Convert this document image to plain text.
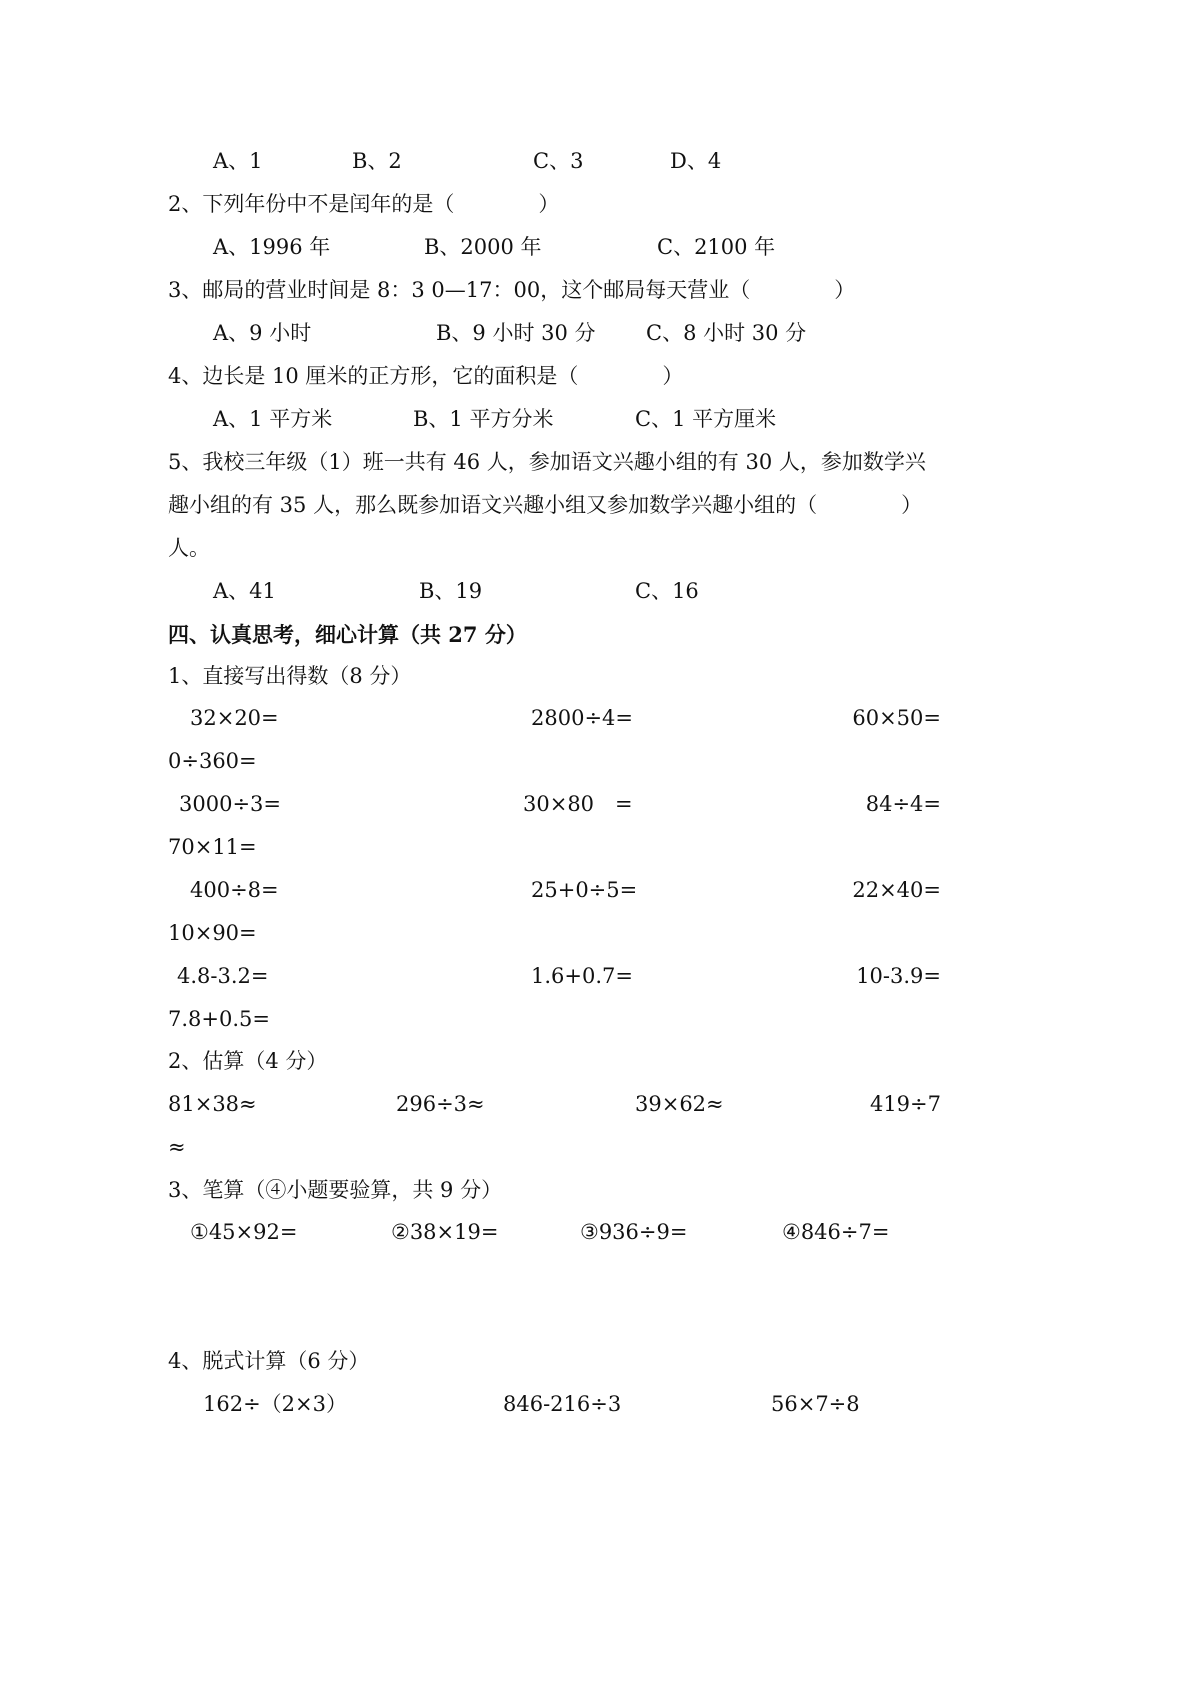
A、1	B、2	C、3	D、4
2、下列年份中不是闰年的是（　　　　）
A、1996 年	B、2000 年	C、2100 年
3、邮局的营业时间是 8：3 0—17：00，这个邮局每天营业（　　　　）
A、9 小时	B、9 小时 30 分 C、8 小时 30 分
4、边长是 10 厘米的正方形，它的面积是（　　　　）
A、1 平方米	B、1 平方分米	C、1 平方厘米
5、我校三年级（1）班一共有 46 人，参加语文兴趣小组的有 30 人，参加数学兴
趣小组的有 35 人，那么既参加语文兴趣小组又参加数学兴趣小组的（　　　　）
人。
A、41	B、19	C、16
四、认真思考，细心计算（共 27 分）
1、直接写出得数（8 分）
32×20=	2800÷4=	60×50=
0÷360=
3000÷3=	30×80　=	84÷4=
70×11=
400÷8=	25+0÷5=	22×40=
10×90=
4.8-3.2=	1.6+0.7=	10-3.9=
7.8+0.5=
2、估算（4 分）
81×38≈	296÷3≈	39×62≈	419÷7
≈
3、笔算（④小题要验算，共 9 分）
①45×92=	②38×19=	③936÷9=	④846÷7=
4、脱式计算（6 分）
162÷（2×3）	846-216÷3	56×7÷8
